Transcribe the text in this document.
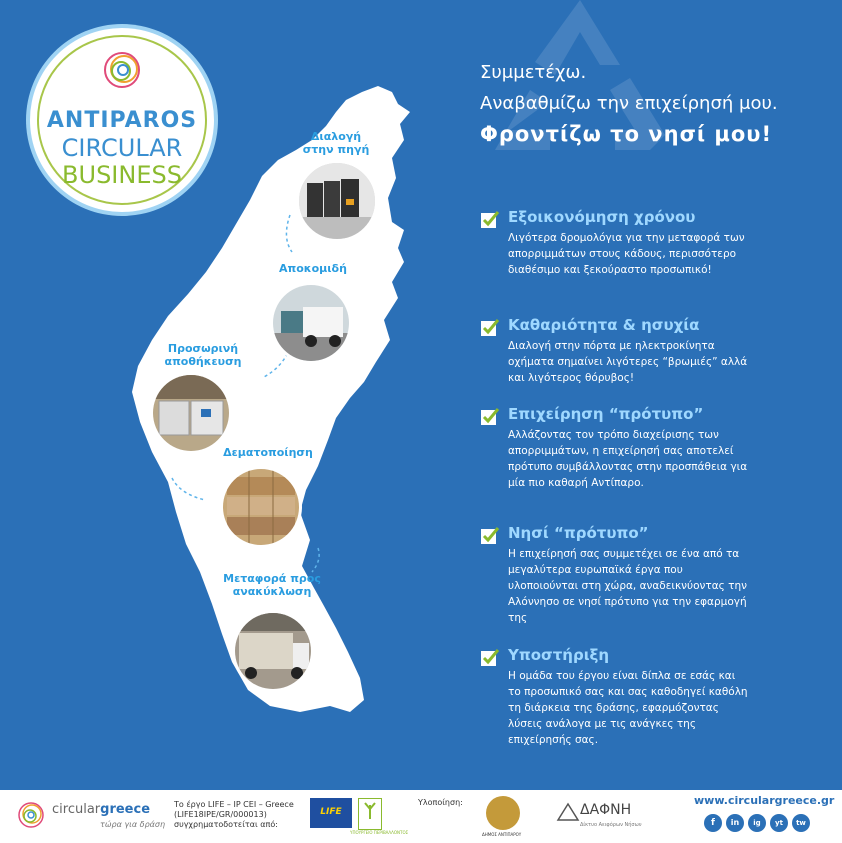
ANTIPAROS
CIRCULAR
BUSINESS
Συμμετέχω.
Αναβαθμίζω την επιχείρησή μου.
Φροντίζω το νησί μου!
Διαλογή
στην πηγή
Αποκομιδή
Προσωρινή
αποθήκευση
Δεματοποίηση
Μεταφορά προς
ανακύκλωση
Εξοικονόμηση χρόνου
Λιγότερα δρομολόγια για την μεταφορά των απορριμμάτων στους κάδους, περισσότερο διαθέσιμο και ξεκούραστο προσωπικό!
Καθαριότητα & ησυχία
Διαλογή στην πόρτα με ηλεκτροκίνητα οχήματα σημαίνει λιγότερες “βρωμιές” αλλά και λιγότερος θόρυβος!
Επιχείρηση “πρότυπο”
Αλλάζοντας τον τρόπο διαχείρισης των απορριμμάτων, η επιχείρησή σας αποτελεί πρότυπο συμβάλλοντας στην προσπάθεια για μία πιο καθαρή Αντίπαρο.
Νησί “πρότυπο”
Η επιχείρησή σας συμμετέχει σε ένα από τα μεγαλύτερα ευρωπαϊκά έργα που υλοποιούνται στη χώρα, αναδεικνύοντας την Αλόννησο σε νησί πρότυπο για την εφαρμογή της
Υποστήριξη
Η ομάδα του έργου είναι δίπλα σε εσάς και το προσωπικό σας και σας καθοδηγεί καθόλη τη διάρκεια της δράσης, εφαρμόζοντας λύσεις ανάλογα με τις ανάγκες της επιχείρησής σας.
circulargreece
τώρα για δράση
Το έργο LIFE – IP CEI – Greece
(LIFE18IPE/GR/000013)
συγχρηματοδοτείται από:
LIFE
ΥΠΟΥΡΓΕΙΟ ΠΕΡΙΒΑΛΛΟΝΤΟΣ
Υλοποίηση:
ΔΗΜΟΣ ΑΝΤΙΠΑΡΟΥ
ΔΑΦΝΗ
Δίκτυο Αειφόρων Νήσων
www.circulargreece.gr
f	in	ig	yt	tw
